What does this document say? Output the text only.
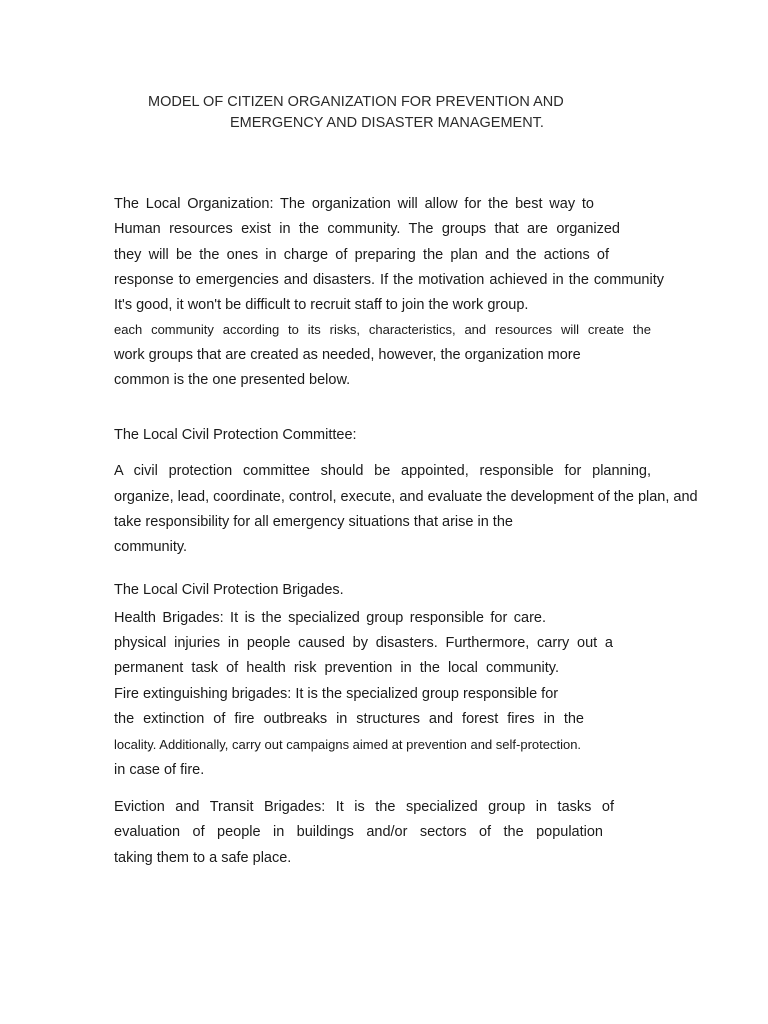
MODEL OF CITIZEN ORGANIZATION FOR PREVENTION AND
EMERGENCY AND DISASTER MANAGEMENT.
The Local Organization: The organization will allow for the best way to
Human resources exist in the community. The groups that are organized
they will be the ones in charge of preparing the plan and the actions of
response to emergencies and disasters. If the motivation achieved in the community
It's good, it won't be difficult to recruit staff to join the work group.
each community according to its risks, characteristics, and resources will create the
work groups that are created as needed, however, the organization more
common is the one presented below.
The Local Civil Protection Committee:
A civil protection committee should be appointed, responsible for planning,
organize, lead, coordinate, control, execute, and evaluate the development of the plan, and
take responsibility for all emergency situations that arise in the
community.
The Local Civil Protection Brigades.
Health Brigades: It is the specialized group responsible for care.
physical injuries in people caused by disasters. Furthermore, carry out a
permanent task of health risk prevention in the local community.
Fire extinguishing brigades: It is the specialized group responsible for
the extinction of fire outbreaks in structures and forest fires in the
locality. Additionally, carry out campaigns aimed at prevention and self-protection.
in case of fire.
Eviction and Transit Brigades: It is the specialized group in tasks of
evaluation of people in buildings and/or sectors of the population
taking them to a safe place.
